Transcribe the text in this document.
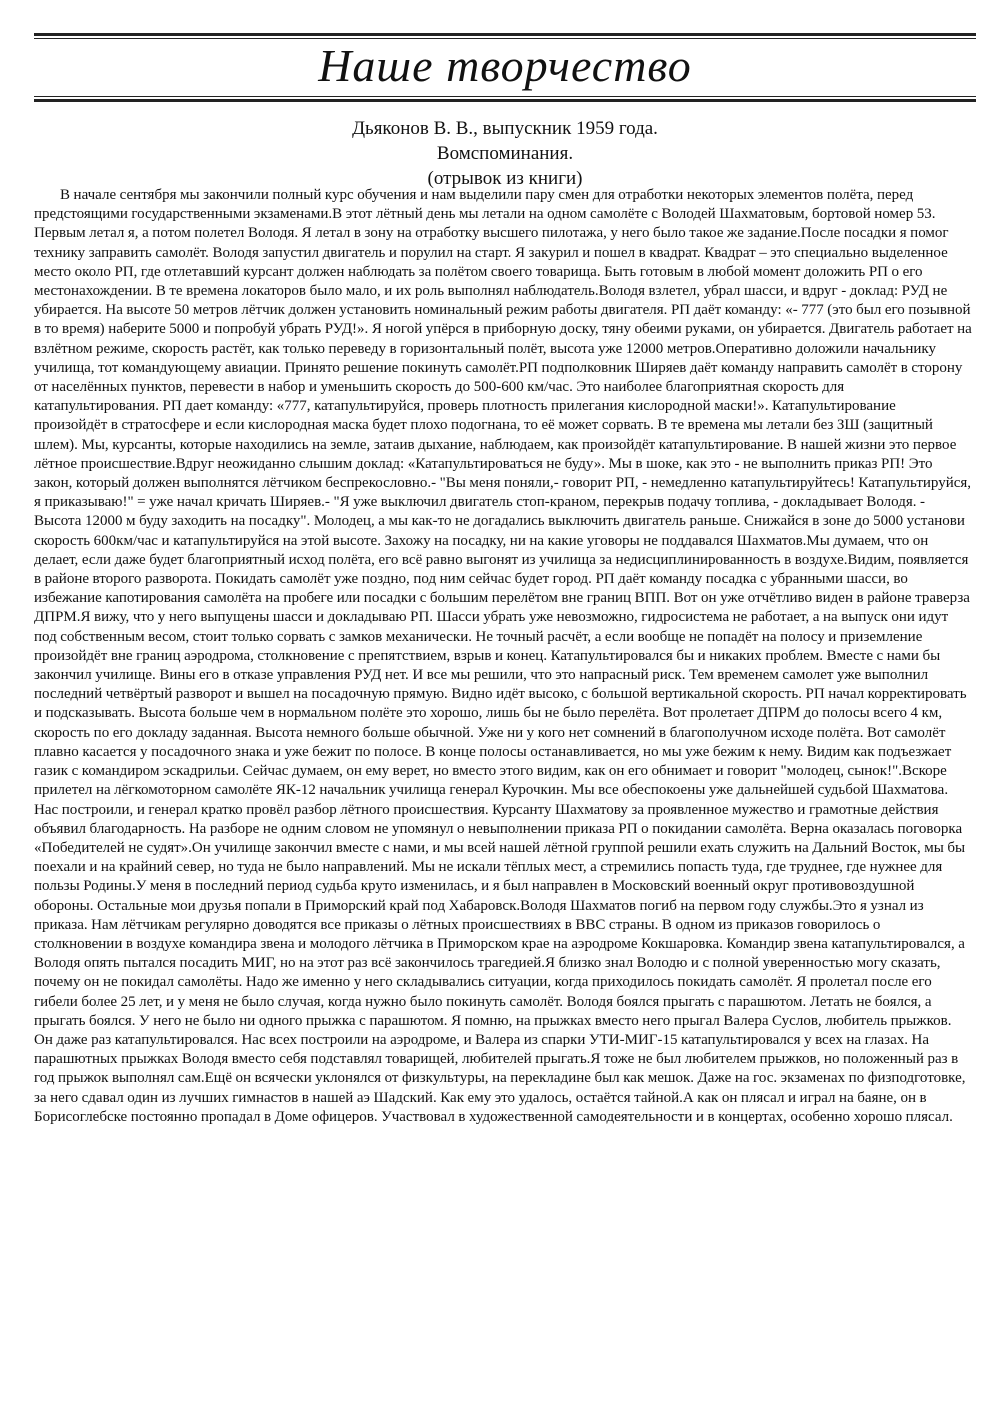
Наше творчество
Дьяконов В. В., выпускник 1959 года.
Вомспоминания.
(отрывок из книги)

В начале сентября мы закончили полный курс обучения и нам выделили пару смен для отработки некоторых элементов полёта, перед предстоящими государственными экзаменами.В этот лётный день мы летали на одном самолёте с Володей Шахматовым, бортовой номер 53. Первым летал я, а потом полетел Володя. Я летал в зону на отработку высшего пилотажа, у него было такое же задание.После посадки я помог технику заправить самолёт. Володя запустил двигатель и порулил на старт. Я закурил и пошел в квадрат. Квадрат – это специально выделенное место около РП, где отлетавший курсант должен наблюдать за полётом своего товарища. Быть готовым в любой момент доложить РП о его местонахождении. В те времена локаторов было мало, и их роль выполнял наблюдатель.Володя взлетел, убрал шасси, и вдруг - доклад: РУД не убирается. На высоте 50 метров лётчик должен установить номинальный режим работы двигателя. РП даёт команду: «- 777 (это был его позывной в то время) наберите 5000 и попробуй убрать РУД!». Я ногой упёрся в приборную доску, тяну обеими руками, он убирается. Двигатель работает на взлётном режиме, скорость растёт, как только переведу в горизонтальный полёт, высота уже 12000 метров.Оперативно доложили начальнику училища, тот командующему авиации. Принято решение покинуть самолёт.РП подполковник Ширяев даёт команду направить самолёт в сторону от населённых пунктов, перевести в набор и уменьшить скорость до 500-600 км/час. Это наиболее благоприятная скорость для катапультирования. РП дает команду: «777, катапультируйся, проверь плотность прилегания кислородной маски!». Катапультирование произойдёт в стратосфере и если кислородная маска будет плохо подогнана, то её может сорвать. В те времена мы летали без ЗШ (защитный шлем). Мы, курсанты, которые находились на земле, затаив дыхание, наблюдаем, как произойдёт катапультирование. В нашей жизни это первое лётное происшествие.Вдруг неожиданно слышим доклад: «Катапультироваться не буду». Мы в шоке, как это - не выполнить приказ РП! Это закон, который должен выполнятся лётчиком беспрекословно.- "Вы меня поняли,- говорит РП, - немедленно катапультируйтесь! Катапультируйся, я приказываю!" = уже начал кричать Ширяев.- "Я уже выключил двигатель стоп-краном, перекрыв подачу топлива, - докладывает Володя. - Высота 12000 м буду заходить на посадку". Молодец, а мы как-то не догадались выключить двигатель раньше. Снижайся в зоне до 5000 установи скорость 600км/час и катапультируйся на этой высоте. Захожу на посадку, ни на какие уговоры не поддавался Шахматов.Мы думаем, что он делает, если даже будет благоприятный исход полёта, его всё равно выгонят из училища за недисциплинированность в воздухе.Видим, появляется в районе второго разворота. Покидать самолёт уже поздно, под ним сейчас будет город. РП даёт команду посадка с убранными шасси, во избежание капотирования самолёта на пробеге или посадки с большим перелётом вне границ ВПП. Вот он уже отчётливо виден в районе траверза ДПРМ.Я вижу, что у него выпущены шасси и докладываю РП. Шасси убрать уже невозможно, гидросистема не работает, а на выпуск они идут под собственным весом, стоит только сорвать с замков механически. Не точный расчёт, а если вообще не попадёт на полосу и приземление произойдёт вне границ аэродрома, столкновение с препятствием, взрыв и конец. Катапультировался бы и никаких проблем. Вместе с нами бы закончил училище. Вины его в отказе управления РУД нет. И все мы решили, что это напрасный риск. Тем временем самолет уже выполнил последний четвёртый разворот и вышел на посадочную прямую. Видно идёт высоко, с большой вертикальной скорость. РП начал корректировать и подсказывать. Высота больше чем в нормальном полёте это хорошо, лишь бы не было перелёта. Вот пролетает ДПРМ до полосы всего 4 км, скорость по его докладу заданная. Высота немного больше обычной. Уже ни у кого нет сомнений в благополучном исходе полёта. Вот самолёт плавно касается у посадочного знака и уже бежит по полосе. В конце полосы останавливается, но мы уже бежим к нему. Видим как подъезжает газик с командиром эскадрильи. Сейчас думаем, он ему верет, но вместо этого видим, как он его обнимает и говорит "молодец, сынок!".Вскоре прилетел на лёгкомоторном самолёте ЯК-12 начальник училища генерал Курочкин. Мы все обеспокоены уже дальнейшей судьбой Шахматова. Нас построили, и генерал кратко провёл разбор лётного происшествия. Курсанту Шахматову за проявленное мужество и грамотные действия объявил благодарность. На разборе не одним словом не упомянул о невыполнении приказа РП о покидании самолёта. Верна оказалась поговорка «Победителей не судят».Он училище закончил вместе с нами, и мы всей нашей лётной группой решили ехать служить на Дальний Восток, мы бы поехали и на крайний север, но туда не было направлений. Мы не искали тёплых мест, а стремились попасть туда, где труднее, где нужнее для пользы Родины.У меня в последний период судьба круто изменилась, и я был направлен в Московский военный округ противовоздушной обороны. Остальные мои друзья попали в Приморский край под Хабаровск.Володя Шахматов погиб на первом году службы.Это я узнал из приказа. Нам лётчикам регулярно доводятся все приказы о лётных происшествиях в ВВС страны. В одном из приказов говорилось о столкновении в воздухе командира звена и молодого лётчика в Приморском крае на аэродроме Кокшаровка. Командир звена катапультировался, а Володя опять пытался посадить МИГ, но на этот раз всё закончилось трагедией.Я близко знал Володю и с полной уверенностью могу сказать, почему он не покидал самолёты. Надо же именно у него складывались ситуации, когда приходилось покидать самолёт. Я пролетал после его гибели более 25 лет, и у меня не было случая, когда нужно было покинуть самолёт. Володя боялся прыгать с парашютом. Летать не боялся, а прыгать боялся. У него не было ни одного прыжка с парашютом. Я помню, на прыжках вместо него прыгал Валера Суслов, любитель прыжков. Он даже раз катапультировался. Нас всех построили на аэродроме, и Валера из спарки УТИ-МИГ-15 катапультировался у всех на глазах. На парашютных прыжках Володя вместо себя подставлял товарищей, любителей прыгать.Я тоже не был любителем прыжков, но положенный раз в год прыжок выполнял сам.Ещё он всячески уклонялся от физкультуры, на перекладине был как мешок. Даже на гос. экзаменах по физподготовке, за него сдавал один из лучших гимнастов в нашей аэ Шадский. Как ему это удалось, остаётся тайной.А как он плясал и играл на баяне, он в Борисоглебске постоянно пропадал в Доме офицеров. Участвовал в художественной самодеятельности и в концертах, особенно хорошо плясал.
